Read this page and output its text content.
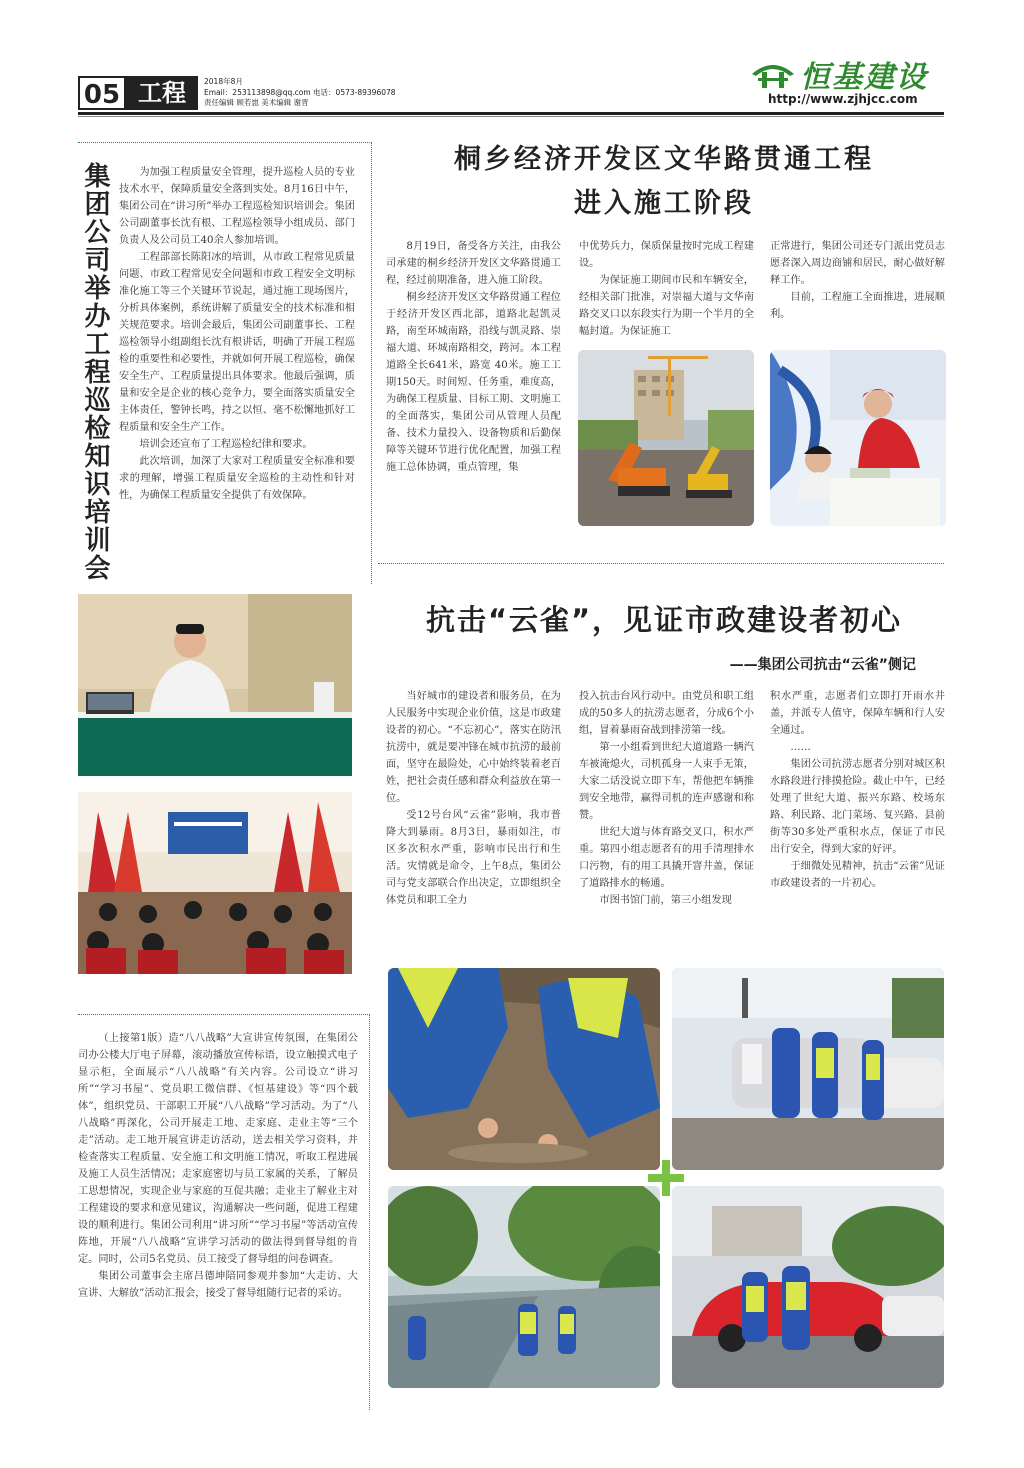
05 工程	2018年8月
Email：253113898@qq.com 电话：0573-89396078
责任编辑 顾若崽 美术编辑 谢晋
恒基建设
http://www.zjhjcc.com
集团公司举办工程巡检知识培训会	为加强工程质量安全管理，提升巡检人员的专业技术水平，保障质量安全落到实处。8月16日中午，集团公司在“讲习所”举办工程巡检知识培训会。集团公司副董事长沈有根、工程巡检领导小组成员、部门负责人及公司员工40余人参加培训。

工程部部长陈阳冰的培训，从市政工程常见质量问题、市政工程常见安全问题和市政工程安全文明标准化施工等三个关键环节说起，通过施工现场图片，分析具体案例，系统讲解了质量安全的技术标准和相关规范要求。培训会最后，集团公司副董事长、工程巡检领导小组副组长沈有根讲话，明确了开展工程巡检的重要性和必要性，并就如何开展工程巡检，确保安全生产、工程质量提出具体要求。他最后强调，质量和安全是企业的核心竞争力，要全面落实质量安全主体责任，警钟长鸣，持之以恒、毫不松懈地抓好工程质量和安全生产工作。

培训会还宣布了工程巡检纪律和要求。

此次培训，加深了大家对工程质量安全标准和要求的理解，增强工程质量安全巡检的主动性和针对性，为确保工程质量安全提供了有效保障。

（上接第1版）造“八八战略”大宣讲宣传氛围，在集团公司办公楼大厅电子屏幕，滚动播放宣传标语，设立触摸式电子显示柜，全面展示“八八战略”有关内容。公司设立“讲习所”“学习书屋”、党员职工微信群、《恒基建设》等“四个载体”，组织党员、干部职工开展“八八战略”学习活动。为了“八八战略”再深化，公司开展走工地、走家庭、走业主等“三个走”活动。走工地开展宣讲走访活动，送去相关学习资料，并检查落实工程质量、安全施工和文明施工情况，听取工程进展及施工人员生活情况；走家庭密切与员工家属的关系，了解员工思想情况，实现企业与家庭的互促共融；走业主了解业主对工程建设的要求和意见建议，沟通解决一些问题，促进工程建设的顺利进行。集团公司利用“讲习所”“学习书屋”等活动宣传阵地，开展“八八战略”宣讲学习活动的做法得到督导组的肯定。同时，公司5名党员、员工接受了督导组的问卷调查。

集团公司董事会主席吕德坤陪同参观并参加“大走访、大宣讲、大解放”活动汇报会，接受了督导组随行记者的采访。

桐乡经济开发区文华路贯通工程
进入施工阶段

8月19日，备受各方关注，由我公司承建的桐乡经济开发区文华路贯通工程，经过前期准备，进入施工阶段。

桐乡经济开发区文华路贯通工程位于经济开发区西北部，道路北起凯灵路，南至环城南路，沿线与凯灵路、崇福大道、环城南路相交，跨河。本工程道路全长641米，路宽 40米。施工工期150天。时间短、任务重，难度高，为确保工程质量、目标工期、文明施工的全面落实，集团公司从管理人员配备、技术力量投入、设备物质和后勤保障等关键环节进行优化配置，加强工程施工总体协调，重点管理，集

中优势兵力，保质保量按时完成工程建设。

为保证施工期间市民和车辆安全，经相关部门批准，对崇福大道与文华南路交叉口以东段实行为期一个半月的全幅封道。为保证施工

正常进行，集团公司还专门派出党员志愿者深入周边商铺和居民，耐心做好解释工作。

目前，工程施工全面推进，进展顺利。

抗击“云雀”，见证市政建设者初心
——集团公司抗击“云雀”侧记

当好城市的建设者和服务员，在为人民服务中实现企业价值，这是市政建设者的初心。“不忘初心”，落实在防汛抗涝中，就是要冲锋在城市抗涝的最前面，坚守在最险处，心中始终装着老百姓，把社会责任感和群众利益放在第一位。

受12号台风“云雀”影响，我市普降大到暴雨。8月3日，暴雨如注，市区多次积水严重，影响市民出行和生活。灾情就是命令，上午8点，集团公司与党支部联合作出决定，立即组织全体党员和职工全力

投入抗击台风行动中。由党员和职工组成的50多人的抗涝志愿者，分成6个小组，冒着暴雨奋战到排涝第一线。

第一小组看到世纪大道道路一辆汽车被淹熄火，司机孤身一人束手无策，大家二话没说立即下车，帮他把车辆推到安全地带，赢得司机的连声感谢和称赞。

世纪大道与体育路交叉口，积水严重。第四小组志愿者有的用手清理排水口污物，有的用工具撬开窨井盖，保证了道路排水的畅通。

市图书馆门前，第三小组发现

积水严重，志愿者们立即打开雨水井盖，并派专人值守，保障车辆和行人安全通过。

……

集团公司抗涝志愿者分别对城区积水路段进行排摸抢险。截止中午，已经处理了世纪大道、振兴东路、校场东路、利民路、北门菜场、复兴路、县前街等30多处严重积水点，保证了市民出行安全，得到大家的好评。

于细微处见精神，抗击“云雀”见证市政建设者的一片初心。
